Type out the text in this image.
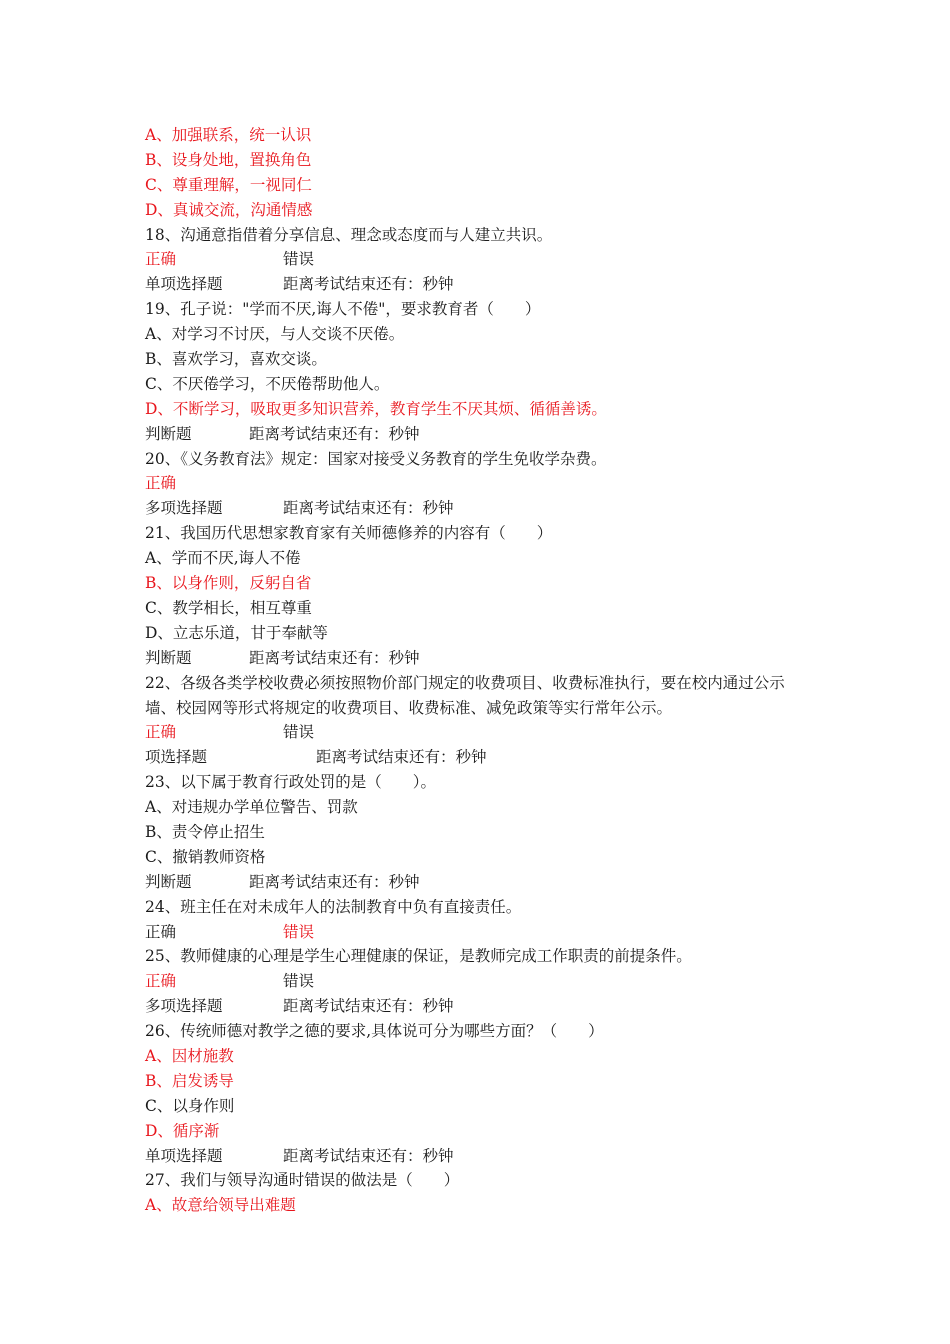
A、加强联系，统一认识
B、设身处地，置换角色
C、尊重理解，一视同仁
D、真诚交流，沟通情感
18、沟通意指借着分享信息、理念或态度而与人建立共识。
正确	错误
单项选择题	距离考试结束还有：秒钟
19、孔子说："学而不厌,诲人不倦"，要求教育者（　　）
A、对学习不讨厌，与人交谈不厌倦。
B、喜欢学习，喜欢交谈。
C、不厌倦学习，不厌倦帮助他人。
D、不断学习，吸取更多知识营养，教育学生不厌其烦、循循善诱。
判断题	距离考试结束还有：秒钟
20、《义务教育法》规定：国家对接受义务教育的学生免收学杂费。
正确
多项选择题	距离考试结束还有：秒钟
21、我国历代思想家教育家有关师德修养的内容有（　　）
A、学而不厌,诲人不倦
B、以身作则，反躬自省
C、教学相长，相互尊重
D、立志乐道，甘于奉献等
判断题	距离考试结束还有：秒钟
22、各级各类学校收费必须按照物价部门规定的收费项目、收费标准执行，要在校内通过公示墙、校园网等形式将规定的收费项目、收费标准、减免政策等实行常年公示。
正确	错误
项选择题	距离考试结束还有：秒钟
23、以下属于教育行政处罚的是（　　）。
A、对违规办学单位警告、罚款
B、责令停止招生
C、撤销教师资格
判断题	距离考试结束还有：秒钟
24、班主任在对未成年人的法制教育中负有直接责任。
正确	错误
25、教师健康的心理是学生心理健康的保证，是教师完成工作职责的前提条件。
正确	错误
多项选择题	距离考试结束还有：秒钟
26、传统师德对教学之德的要求,具体说可分为哪些方面？（　　）
A、因材施教
B、启发诱导
C、以身作则
D、循序渐
单项选择题	距离考试结束还有：秒钟
27、我们与领导沟通时错误的做法是（　　）
A、故意给领导出难题
